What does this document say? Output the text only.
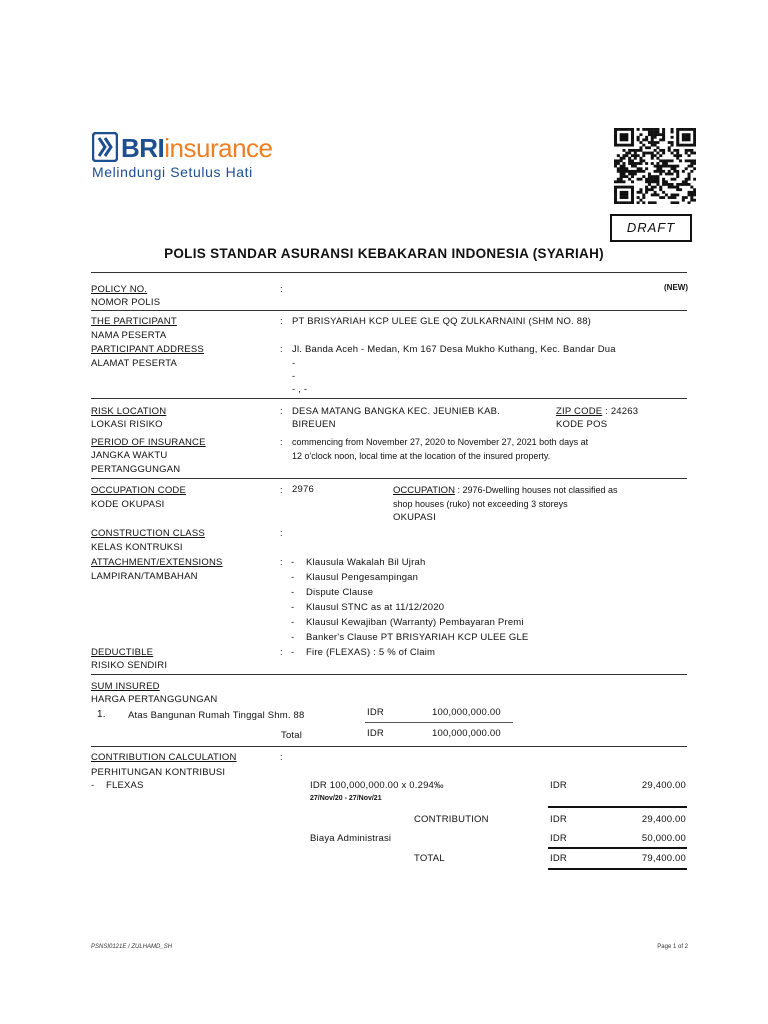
BRIinsurance
Melindungi Setulus Hati
DRAFT
POLIS STANDAR ASURANSI KEBAKARAN INDONESIA (SYARIAH)
POLICY NO.
NOMOR POLIS
:	(NEW)
THE PARTICIPANT
NAMA PESERTA
: PT BRISYARIAH KCP ULEE GLE QQ ZULKARNAINI (SHM NO. 88)
PARTICIPANT ADDRESS
ALAMAT PESERTA
: Jl. Banda Aceh - Medan, Km 167 Desa Mukho Kuthang, Kec. Bandar Dua
-
-
- , -
RISK LOCATION
LOKASI RISIKO
: DESA MATANG BANGKA KEC. JEUNIEB KAB.
BIREUEN
ZIP CODE : 24263
KODE POS
PERIOD OF INSURANCE
JANGKA WAKTU
PERTANGGUNGAN
: commencing from November 27, 2020 to November 27, 2021 both days at
12 o'clock noon, local time at the location of the insured property.
OCCUPATION CODE
KODE OKUPASI
: 2976	OCCUPATION : 2976-Dwelling houses not classified as
shop houses (ruko) not exceeding 3 storeys
OKUPASI
CONSTRUCTION CLASS
KELAS KONTRUKSI
:
ATTACHMENT/EXTENSIONS
LAMPIRAN/TAMBAHAN
: - Klausula Wakalah Bil Ujrah
- Klausul Pengesampingan
- Dispute Clause
- Klausul STNC as at 11/12/2020
- Klausul Kewajiban (Warranty) Pembayaran Premi
- Banker's Clause PT BRISYARIAH KCP ULEE GLE
DEDUCTIBLE
RISIKO SENDIRI
: - Fire (FLEXAS) : 5 % of Claim
SUM INSURED
HARGA PERTANGGUNGAN
1. Atas Bangunan Rumah Tinggal Shm. 88	IDR	100,000,000.00
Total	IDR	100,000,000.00
CONTRIBUTION CALCULATION
PERHITUNGAN KONTRIBUSI
:
- FLEXAS	IDR 100,000,000.00 x 0.294‰
27/Nov/20 - 27/Nov/21
IDR	29,400.00
CONTRIBUTION	IDR	29,400.00
Biaya Administrasi	IDR	50,000.00
TOTAL	IDR	79,400.00
PSNSI0121E / ZULHAMD_SH	Page 1 of 2
